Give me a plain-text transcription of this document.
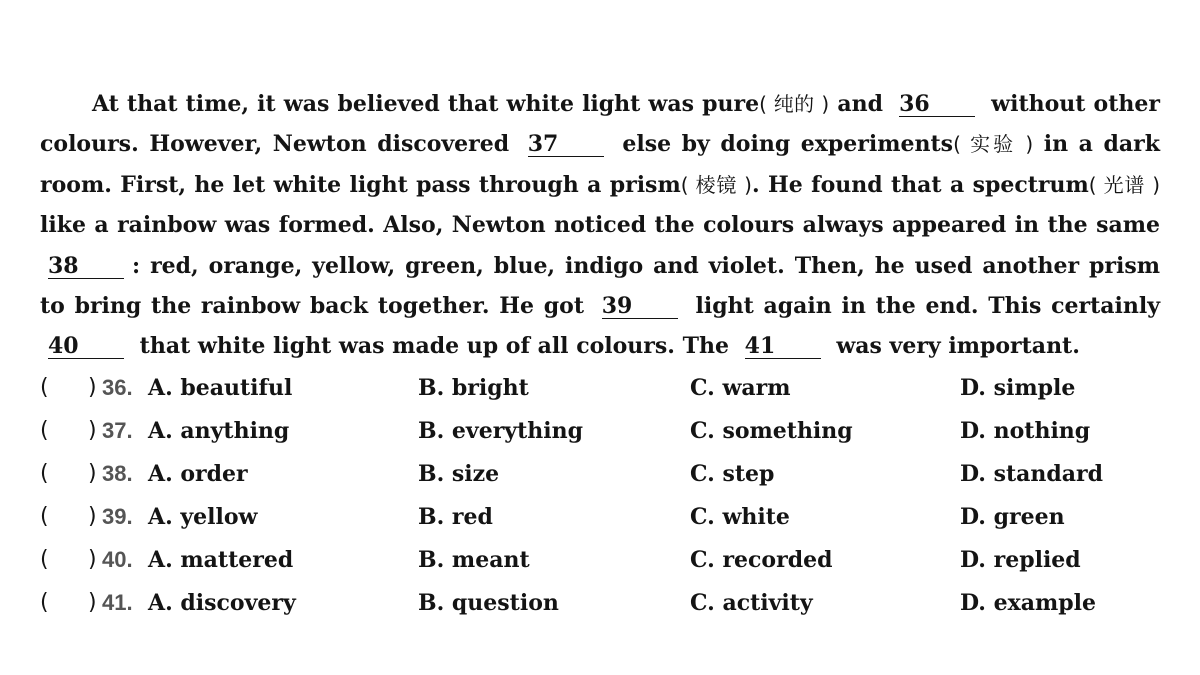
At that time, it was believed that white light was pure( 纯的 ) and 36	without other colours. However, Newton discovered 37	else by doing experiments( 实验 ) in a dark room. First, he let white light pass through a prism( 棱镜 ). He found that a spectrum( 光谱 ) like a rainbow was formed. Also, Newton noticed the colours always appeared in the same 38 : red, orange, yellow, green, blue, indigo and violet. Then, he used another prism to bring the rainbow back together. He got 39	light again in the end. This certainly 40	that white light was made up of all colours. The 41	was very important.
( ) 36. A. beautiful	B. bright	C. warm	D. simple
( ) 37. A. anything	B. everything	C. something	D. nothing
( ) 38. A. order	B. size	C. step	D. standard
( ) 39. A. yellow	B. red	C. white	D. green
( ) 40. A. mattered	B. meant	C. recorded	D. replied
( ) 41. A. discovery	B. question	C. activity	D. example
